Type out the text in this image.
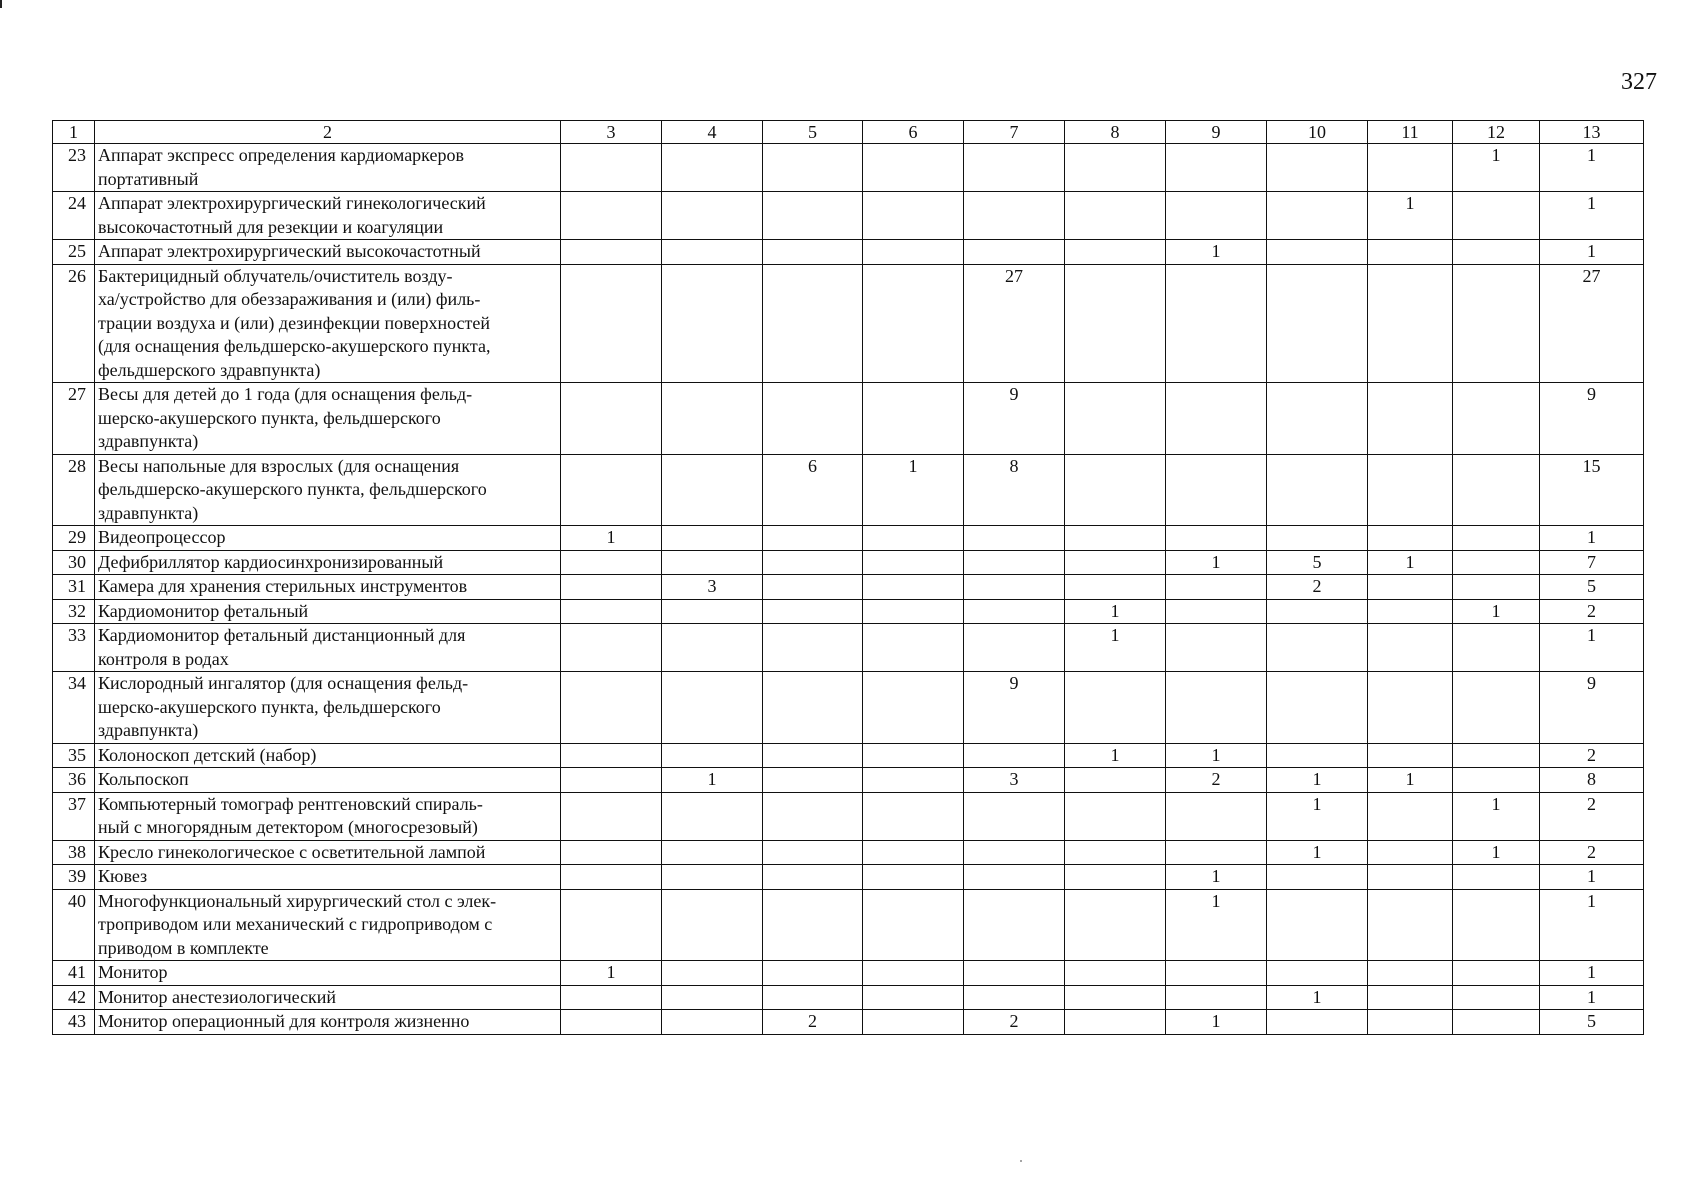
327
1	2	3	4	5	6	7	8	9	10	11	12	13
23	Аппарат экспресс определения кардиомаркеров
портативный										1	1
24	Аппарат электрохирургический гинекологический
высокочастотный для резекции и коагуляции									1		1
25	Аппарат электрохирургический высокочастотный							1				1
26	Бактерицидный облучатель/очиститель возду-
ха/устройство для обеззараживания и (или) филь-
трации воздуха и (или) дезинфекции поверхностей
(для оснащения фельдшерско-акушерского пункта,
фельдшерского здравпункта)					27						27
27	Весы для детей до 1 года (для оснащения фельд-
шерско-акушерского пункта, фельдшерского
здравпункта)					9						9
28	Весы напольные для взрослых (для оснащения
фельдшерско-акушерского пункта, фельдшерского
здравпункта)			6	1	8						15
29	Видеопроцессор	1										1
30	Дефибриллятор кардиосинхронизированный							1	5	1		7
31	Камера для хранения стерильных инструментов		3						2			5
32	Кардиомонитор фетальный						1				1	2
33	Кардиомонитор фетальный дистанционный для
контроля в родах						1					1
34	Кислородный ингалятор (для оснащения фельд-
шерско-акушерского пункта, фельдшерского
здравпункта)					9						9
35	Колоноскоп детский (набор)						1	1				2
36	Кольпоскоп		1			3		2	1	1		8
37	Компьютерный томограф рентгеновский спираль-
ный с многорядным детектором (многосрезовый)								1		1	2
38	Кресло гинекологическое с осветительной лампой								1		1	2
39	Кювез							1				1
40	Многофункциональный хирургический стол с элек-
троприводом или механический с гидроприводом с
приводом в комплекте							1				1
41	Монитор	1										1
42	Монитор анестезиологический								1			1
43	Монитор операционный для контроля жизненно			2		2		1				5
